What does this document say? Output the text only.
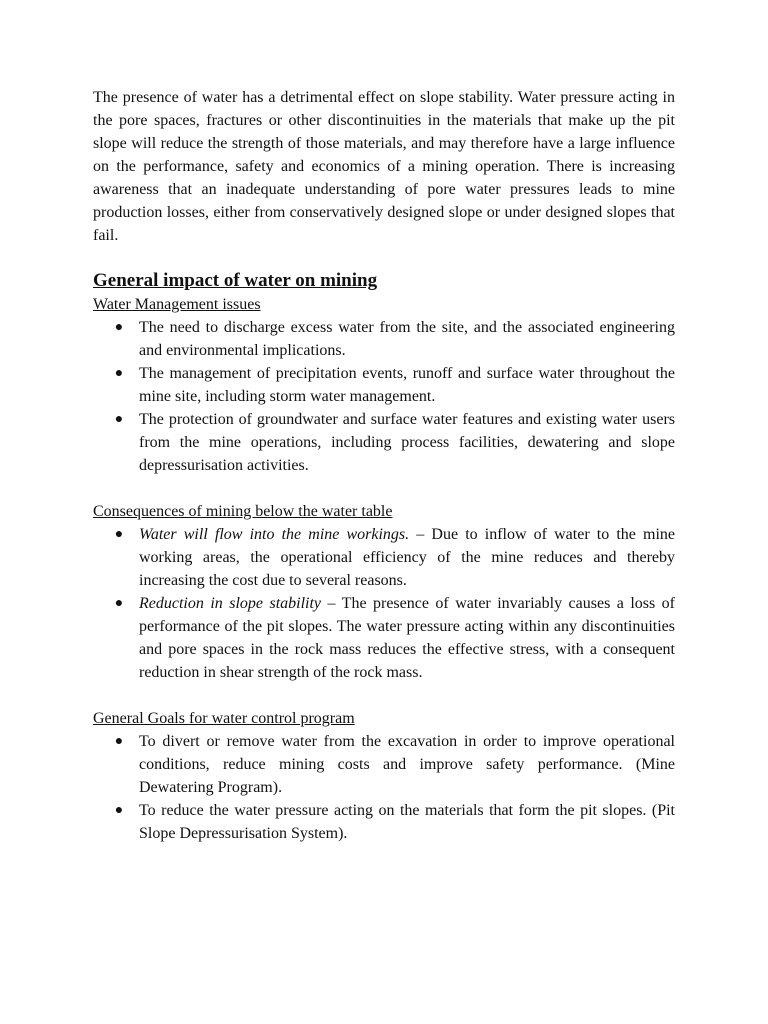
The presence of water has a detrimental effect on slope stability. Water pressure acting in the pore spaces, fractures or other discontinuities in the materials that make up the pit slope will reduce the strength of those materials, and may therefore have a large influence on the performance, safety and economics of a mining operation. There is increasing awareness that an inadequate understanding of pore water pressures leads to mine production losses, either from conservatively designed slope or under designed slopes that fail.

General impact of water on mining
Water Management issues
● The need to discharge excess water from the site, and the associated engineering and environmental implications.
● The management of precipitation events, runoff and surface water throughout the mine site, including storm water management.
● The protection of groundwater and surface water features and existing water users from the mine operations, including process facilities, dewatering and slope depressurisation activities.
Consequences of mining below the water table
● Water will flow into the mine workings. – Due to inflow of water to the mine working areas, the operational efficiency of the mine reduces and thereby increasing the cost due to several reasons.
● Reduction in slope stability – The presence of water invariably causes a loss of performance of the pit slopes. The water pressure acting within any discontinuities and pore spaces in the rock mass reduces the effective stress, with a consequent reduction in shear strength of the rock mass.
General Goals for water control program
● To divert or remove water from the excavation in order to improve operational conditions, reduce mining costs and improve safety performance. (Mine Dewatering Program).
● To reduce the water pressure acting on the materials that form the pit slopes. (Pit Slope Depressurisation System).
